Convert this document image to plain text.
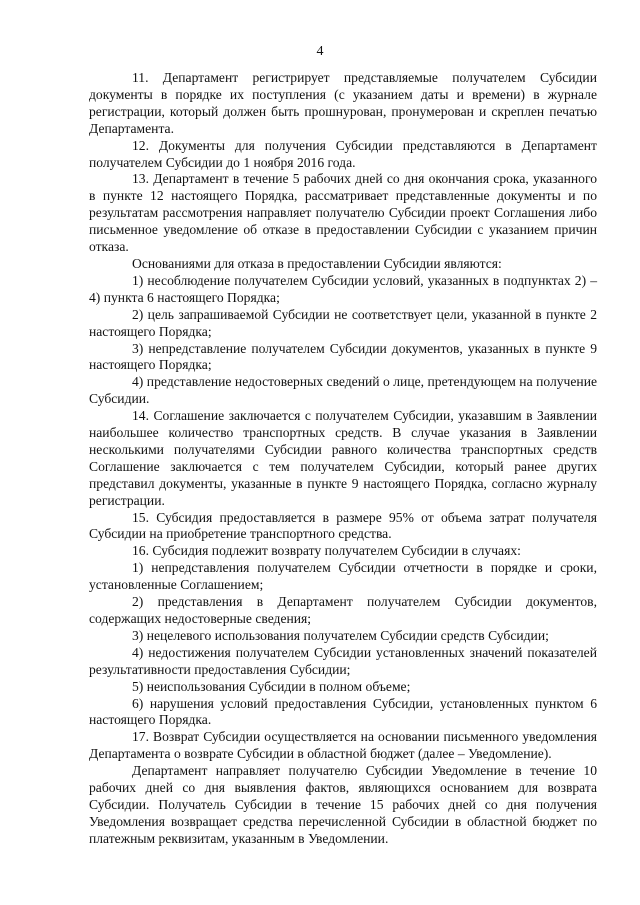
4

11. Департамент регистрирует представляемые получателем Субсидии документы в порядке их поступления (с указанием даты и времени) в журнале регистрации, который должен быть прошнурован, пронумерован и скреплен печатью Департамента.

12. Документы для получения Субсидии представляются в Департамент получателем Субсидии до 1 ноября 2016 года.

13. Департамент в течение 5 рабочих дней со дня окончания срока, указанного в пункте 12 настоящего Порядка, рассматривает представленные документы и по результатам рассмотрения направляет получателю Субсидии проект Соглашения либо письменное уведомление об отказе в предоставлении Субсидии с указанием причин отказа.

Основаниями для отказа в предоставлении Субсидии являются:

1) несоблюдение получателем Субсидии условий, указанных в подпунктах 2) – 4) пункта 6 настоящего Порядка;

2) цель запрашиваемой Субсидии не соответствует цели, указанной в пункте 2 настоящего Порядка;

3) непредставление получателем Субсидии документов, указанных в пункте 9 настоящего Порядка;

4) представление недостоверных сведений о лице, претендующем на получение Субсидии.

14. Соглашение заключается с получателем Субсидии, указавшим в Заявлении наибольшее количество транспортных средств. В случае указания в Заявлении несколькими получателями Субсидии равного количества транспортных средств Соглашение заключается с тем получателем Субсидии, который ранее других представил документы, указанные в пункте 9 настоящего Порядка, согласно журналу регистрации.

15. Субсидия предоставляется в размере 95% от объема затрат получателя Субсидии на приобретение транспортного средства.

16. Субсидия подлежит возврату получателем Субсидии в случаях:

1) непредставления получателем Субсидии отчетности в порядке и сроки, установленные Соглашением;

2) представления в Департамент получателем Субсидии документов, содержащих недостоверные сведения;

3) нецелевого использования получателем Субсидии средств Субсидии;

4) недостижения получателем Субсидии установленных значений показателей результативности предоставления Субсидии;

5) неиспользования Субсидии в полном объеме;

6) нарушения условий предоставления Субсидии, установленных пунктом 6 настоящего Порядка.

17. Возврат Субсидии осуществляется на основании письменного уведомления Департамента о возврате Субсидии в областной бюджет (далее – Уведомление).

Департамент направляет получателю Субсидии Уведомление в течение 10 рабочих дней со дня выявления фактов, являющихся основанием для возврата Субсидии. Получатель Субсидии в течение 15 рабочих дней со дня получения Уведомления возвращает средства перечисленной Субсидии в областной бюджет по платежным реквизитам, указанным в Уведомлении.
